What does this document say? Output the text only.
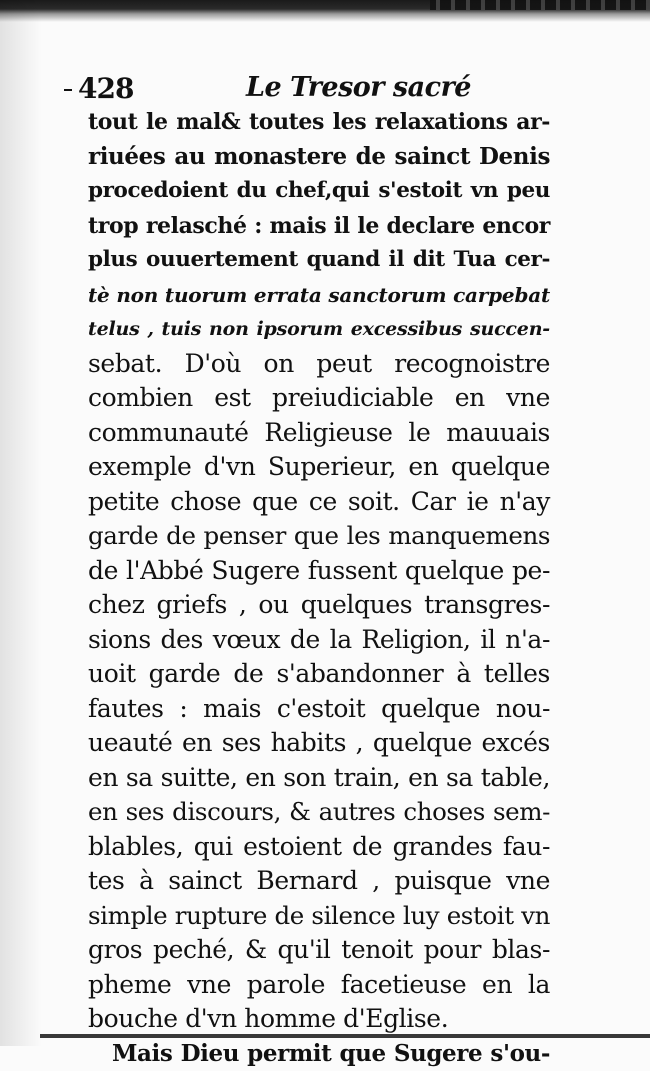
428	Le Tresor sacré
tout le mal& toutes les relaxations ar-
riuées au monastere de sainct Denis
procedoient du chef,qui s'estoit vn peu
trop relasché : mais il le declare encor
plus ouuertement quand il dit Tua cer-
tè non tuorum errata sanctorum carpebat
telus , tuis non ipsorum excessibus succen-
sebat. D'où on peut recognoistre
combien est preiudiciable en vne
communauté Religieuse le mauuais
exemple d'vn Superieur, en quelque
petite chose que ce soit. Car ie n'ay
garde de penser que les manquemens
de l'Abbé Sugere fussent quelque pe-
chez griefs , ou quelques transgres-
sions des vœux de la Religion, il n'a-
uoit garde de s'abandonner à telles
fautes : mais c'estoit quelque nou-
ueauté en ses habits , quelque excés
en sa suitte, en son train, en sa table,
en ses discours, & autres choses sem-
blables, qui estoient de grandes fau-
tes à sainct Bernard , puisque vne
simple rupture de silence luy estoit vn
gros peché, & qu'il tenoit pour blas-
pheme vne parole facetieuse en la
bouche d'vn homme d'Eglise.
Mais Dieu permit que Sugere s'ou-
